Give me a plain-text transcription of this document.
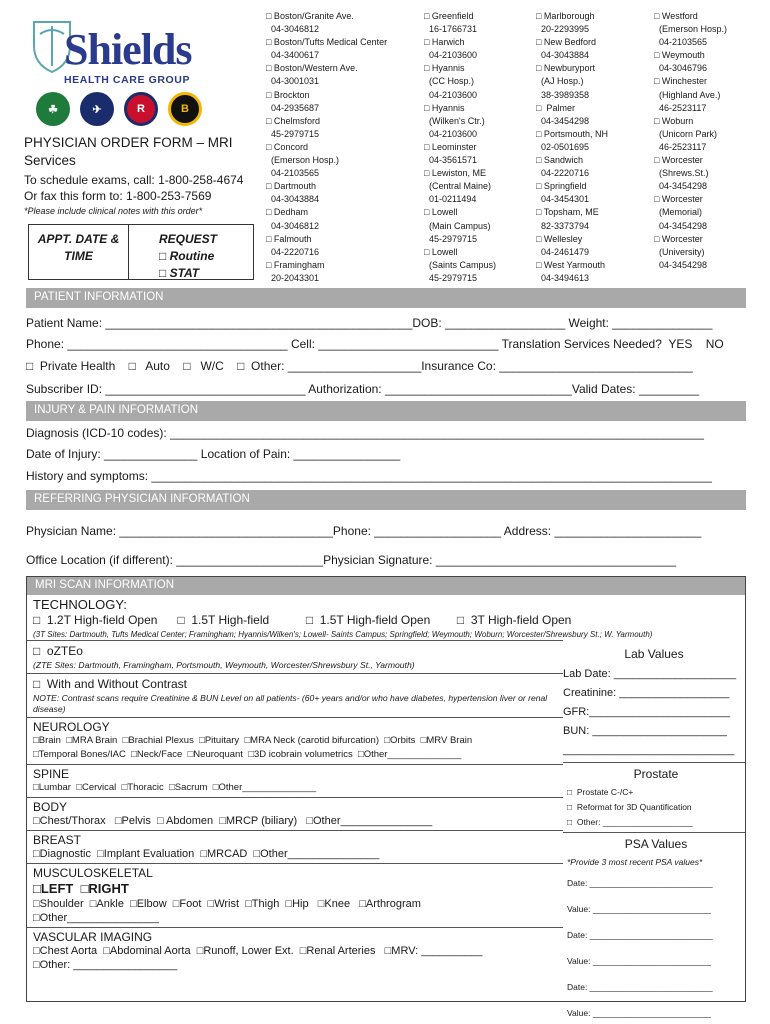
Shields
HEALTH CARE GROUP
☘	✈	R	B
PHYSICIAN ORDER FORM – MRI Services
To schedule exams, call: 1-800-258-4674
Or fax this form to: 1-800-253-7569
*Please include clinical notes with this order*
APPT. DATE &
TIME
REQUEST
□ Routine
□ STAT
□ Boston/Granite Ave.
04-3046812
□ Boston/Tufts Medical Center
04-3400617
□ Boston/Western Ave.
04-3001031
□ Brockton
04-2935687
□ Chelmsford
45-2979715
□ Concord
(Emerson Hosp.)
04-2103565
□ Dartmouth
04-3043884
□ Dedham
04-3046812
□ Falmouth
04-2220716
□ Framingham
20-2043301
□ Greenfield
16-1766731
□ Harwich
04-2103600
□ Hyannis
(CC Hosp.)
04-2103600
□ Hyannis
(Wilken's Ctr.)
04-2103600
□ Leominster
04-3561571
□ Lewiston, ME
(Central Maine)
01-0211494
□ Lowell
(Main Campus)
45-2979715
□ Lowell
(Saints Campus)
45-2979715
□ Marlborough
20-2293995
□ New Bedford
04-3043884
□ Newburyport
(AJ Hosp.)
38-3989358
□  Palmer
04-3454298
□ Portsmouth, NH
02-0501695
□ Sandwich
04-2220716
□ Springfield
04-3454301
□ Topsham, ME
82-3373794
□ Wellesley
04-2461479
□ West Yarmouth
04-3494613
□ Westford
(Emerson Hosp.)
04-2103565
□ Weymouth
04-3046796
□ Winchester
(Highland Ave.)
46-2523117
□ Woburn
(Unicorn Park)
46-2523117
□ Worcester
(Shrews.St.)
04-3454298
□ Worcester
(Memorial)
04-3454298
□ Worcester
(University)
04-3454298
PATIENT INFORMATION
Patient Name: ______________________________________________DOB: __________________ Weight: _______________
Phone: _________________________________ Cell: ___________________________ Translation Services Needed?  YES    NO
□  Private Health    □   Auto    □   W/C    □  Other: ____________________Insurance Co: _____________________________
Subscriber ID: ______________________________ Authorization: ____________________________Valid Dates: _________
INJURY & PAIN INFORMATION
Diagnosis (ICD-10 codes): ________________________________________________________________________________
Date of Injury: ______________ Location of Pain: ________________
History and symptoms: ____________________________________________________________________________________
REFERRING PHYSICIAN INFORMATION
Physician Name: ________________________________Phone: ___________________ Address: ______________________
Office Location (if different): ______________________Physician Signature: ____________________________________
MRI SCAN INFORMATION
TECHNOLOGY:
□  1.2T High-field Open      □  1.5T High-field           □  1.5T High-field Open        □  3T High-field Open
(3T Sites: Dartmouth, Tufts Medical Center; Framingham; Hyannis/Wilken's; Lowell- Saints Campus; Springfield; Weymouth; Woburn; Worcester/Shrewsbury St.; W. Yarmouth)
□  oZTEo
(ZTE Sites: Dartmouth, Framingham, Portsmouth, Weymouth, Worcester/Shrewsbury St., Yarmouth)
□  With and Without Contrast
NOTE: Contrast scans require Creatinine & BUN Level on all patients- (60+ years and/or who have diabetes, hypertension liver or renal disease)
NEUROLOGY
□Brain  □MRA Brain  □Brachial Plexus  □Pituitary  □MRA Neck (carotid bifurcation)  □Orbits  □MRV Brain
□Temporal Bones/IAC  □Neck/Face  □Neuroquant  □3D icobrain volumetrics  □Other______________
SPINE
□Lumbar  □Cervical  □Thoracic  □Sacrum  □Other______________
BODY
□Chest/Thorax   □Pelvis  □ Abdomen  □MRCP (biliary)   □Other_______________
BREAST
□Diagnostic  □Implant Evaluation  □MRCAD  □Other_______________
MUSCULOSKELETAL
□LEFT  □RIGHT
□Shoulder  □Ankle  □Elbow  □Foot  □Wrist  □Thigh  □Hip   □Knee   □Arthrogram
□Other_______________
VASCULAR IMAGING
□Chest Aorta  □Abdominal Aorta  □Runoff, Lower Ext.  □Renal Arteries   □MRV: __________
□Other: _________________
Lab Values
Lab Date: ____________________
Creatinine: __________________
GFR:_______________________
BUN: ______________________
____________________________
Prostate
□  Prostate C-/C+
□  Reformat for 3D Quantification
□  Other: ___________________
PSA Values
*Provide 3 most recent PSA values*
Date: __________________________
Value: _________________________
Date: __________________________
Value: _________________________
Date: __________________________
Value: _________________________
